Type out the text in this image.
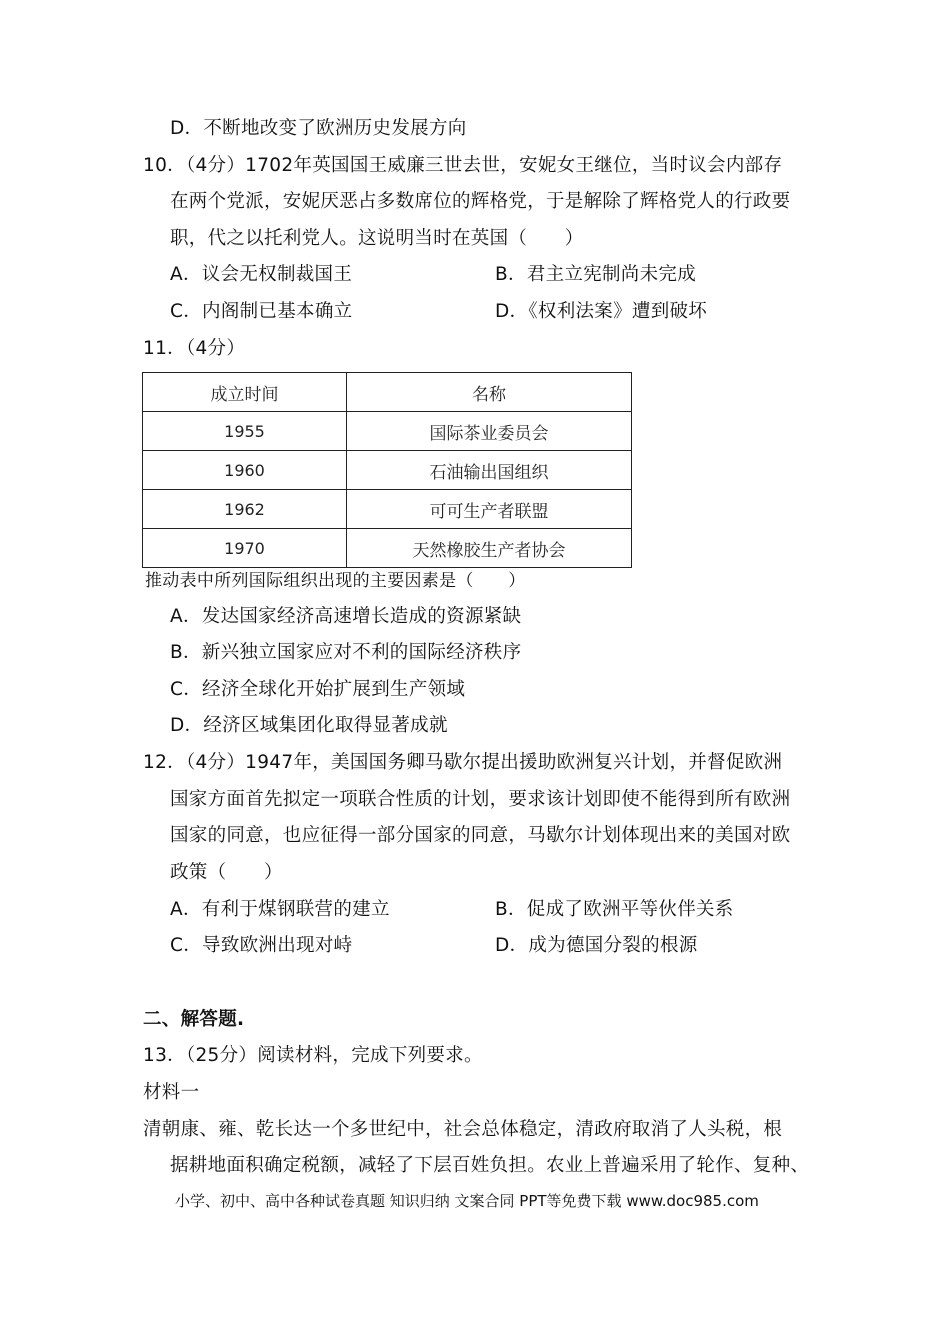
D．不断地改变了欧洲历史发展方向
10．（4分）1702年英国国王威廉三世去世，安妮女王继位，当时议会内部存
在两个党派，安妮厌恶占多数席位的辉格党，于是解除了辉格党人的行政要
职，代之以托利党人。这说明当时在英国（　　）
A．议会无权制裁国王	B．君主立宪制尚未完成
C．内阁制已基本确立	D．《权利法案》遭到破坏
11．（4分）
成立时间	名称
1955	国际茶业委员会
1960	石油输出国组织
1962	可可生产者联盟
1970	天然橡胶生产者协会
推动表中所列国际组织出现的主要因素是（　　）
A．发达国家经济高速增长造成的资源紧缺
B．新兴独立国家应对不利的国际经济秩序
C．经济全球化开始扩展到生产领域
D．经济区域集团化取得显著成就
12．（4分）1947年，美国国务卿马歇尔提出援助欧洲复兴计划，并督促欧洲
国家方面首先拟定一项联合性质的计划，要求该计划即使不能得到所有欧洲
国家的同意，也应征得一部分国家的同意，马歇尔计划体现出来的美国对欧
政策（　　）
A．有利于煤钢联营的建立	B．促成了欧洲平等伙伴关系
C．导致欧洲出现对峙	D．成为德国分裂的根源
二、解答题.
13．（25分）阅读材料，完成下列要求。
材料一
清朝康、雍、乾长达一个多世纪中，社会总体稳定，清政府取消了人头税，根
据耕地面积确定税额，减轻了下层百姓负担。农业上普遍采用了轮作、复种、
小学、初中、高中各种试卷真题 知识归纳 文案合同 PPT等免费下载 www.doc985.com
